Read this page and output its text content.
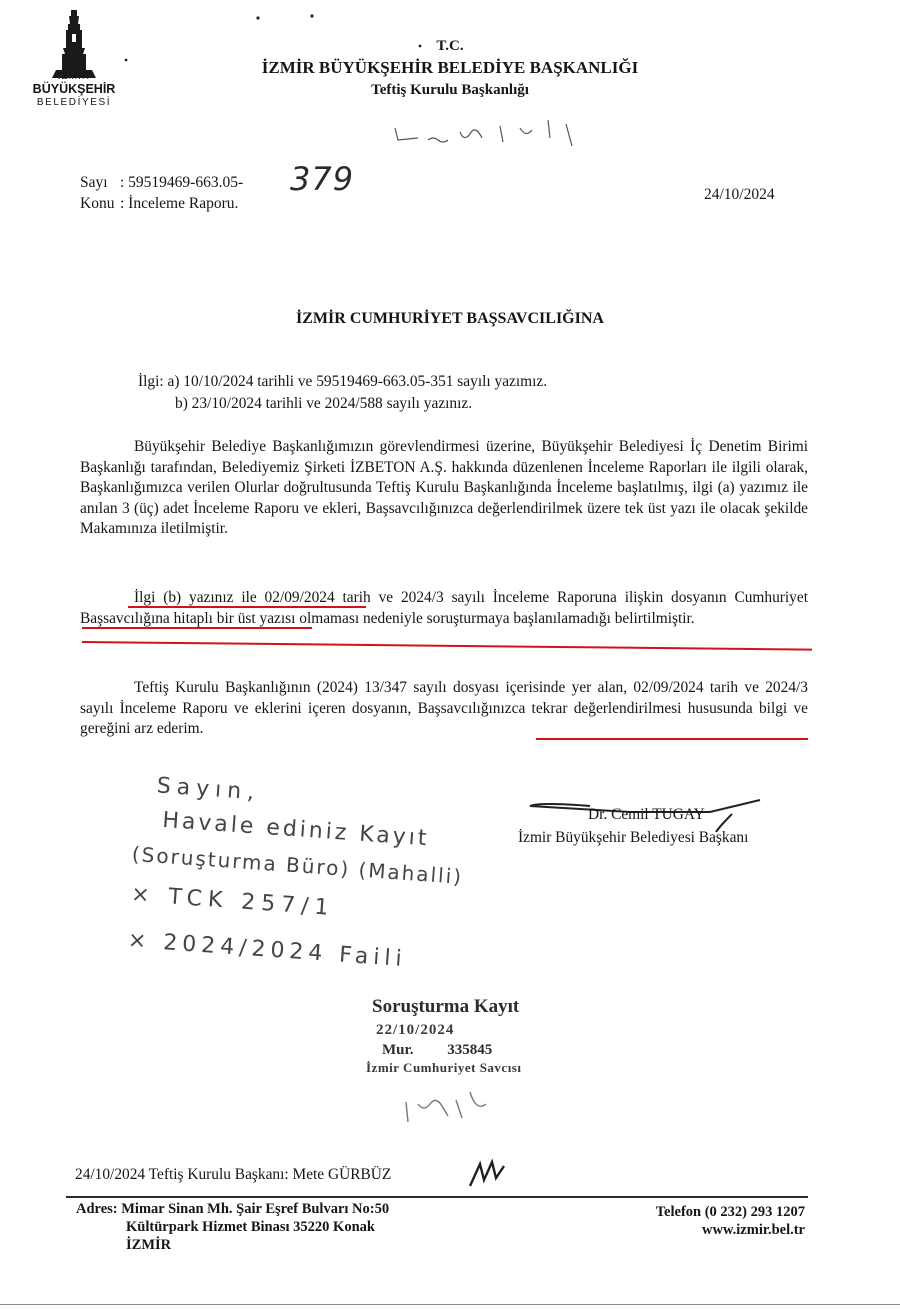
İZMİR
BÜYÜKŞEHİR
BELEDİYESİ
T.C.
İZMİR BÜYÜKŞEHİR BELEDİYE BAŞKANLIĞI
Teftiş Kurulu Başkanlığı
Sayı : 59519469-663.05- 379
Konu : İnceleme Raporu.
24/10/2024
İZMİR CUMHURİYET BAŞSAVCILIĞINA
İlgi: a) 10/10/2024 tarihli ve 59519469-663.05-351 sayılı yazımız.
b) 23/10/2024 tarihli ve 2024/588 sayılı yazınız.
Büyükşehir Belediye Başkanlığımızın görevlendirmesi üzerine, Büyükşehir Belediyesi İç Denetim Birimi Başkanlığı tarafından, Belediyemiz Şirketi İZBETON A.Ş. hakkında düzenlenen İnceleme Raporları ile ilgili olarak, Başkanlığımızca verilen Olurlar doğrultusunda Teftiş Kurulu Başkanlığında İnceleme başlatılmış, ilgi (a) yazımız ile anılan 3 (üç) adet İnceleme Raporu ve ekleri, Başsavcılığınızca değerlendirilmek üzere tek üst yazı ile olacak şekilde Makamınıza iletilmiştir.
İlgi (b) yazınız ile 02/09/2024 tarih ve 2024/3 sayılı İnceleme Raporuna ilişkin dosyanın Cumhuriyet Başsavcılığına hitaplı bir üst yazısı olmaması nedeniyle soruşturmaya başlanılamadığı belirtilmiştir.
Teftiş Kurulu Başkanlığının (2024) 13/347 sayılı dosyası içerisinde yer alan, 02/09/2024 tarih ve 2024/3 sayılı İnceleme Raporu ve eklerini içeren dosyanın, Başsavcılığınızca tekrar değerlendirilmesi hususunda bilgi ve gereğini arz ederim.
Dr. Cemil TUGAY
İzmir Büyükşehir Belediyesi Başkanı
Sayın,
Havale ediniz Kayıt
(Soruşturma Büro) (Mahalli)
× TCK 257/1
× 2024/2024 Faili
Soruşturma Kayıt
22/10/2024
Mur. 335845
İzmir Cumhuriyet Savcısı
24/10/2024 Teftiş Kurulu Başkanı: Mete GÜRBÜZ
Adres: Mimar Sinan Mh. Şair Eşref Bulvarı No:50
Kültürpark Hizmet Binası 35220 Konak
İZMİR
Telefon (0 232) 293 1207
www.izmir.bel.tr
